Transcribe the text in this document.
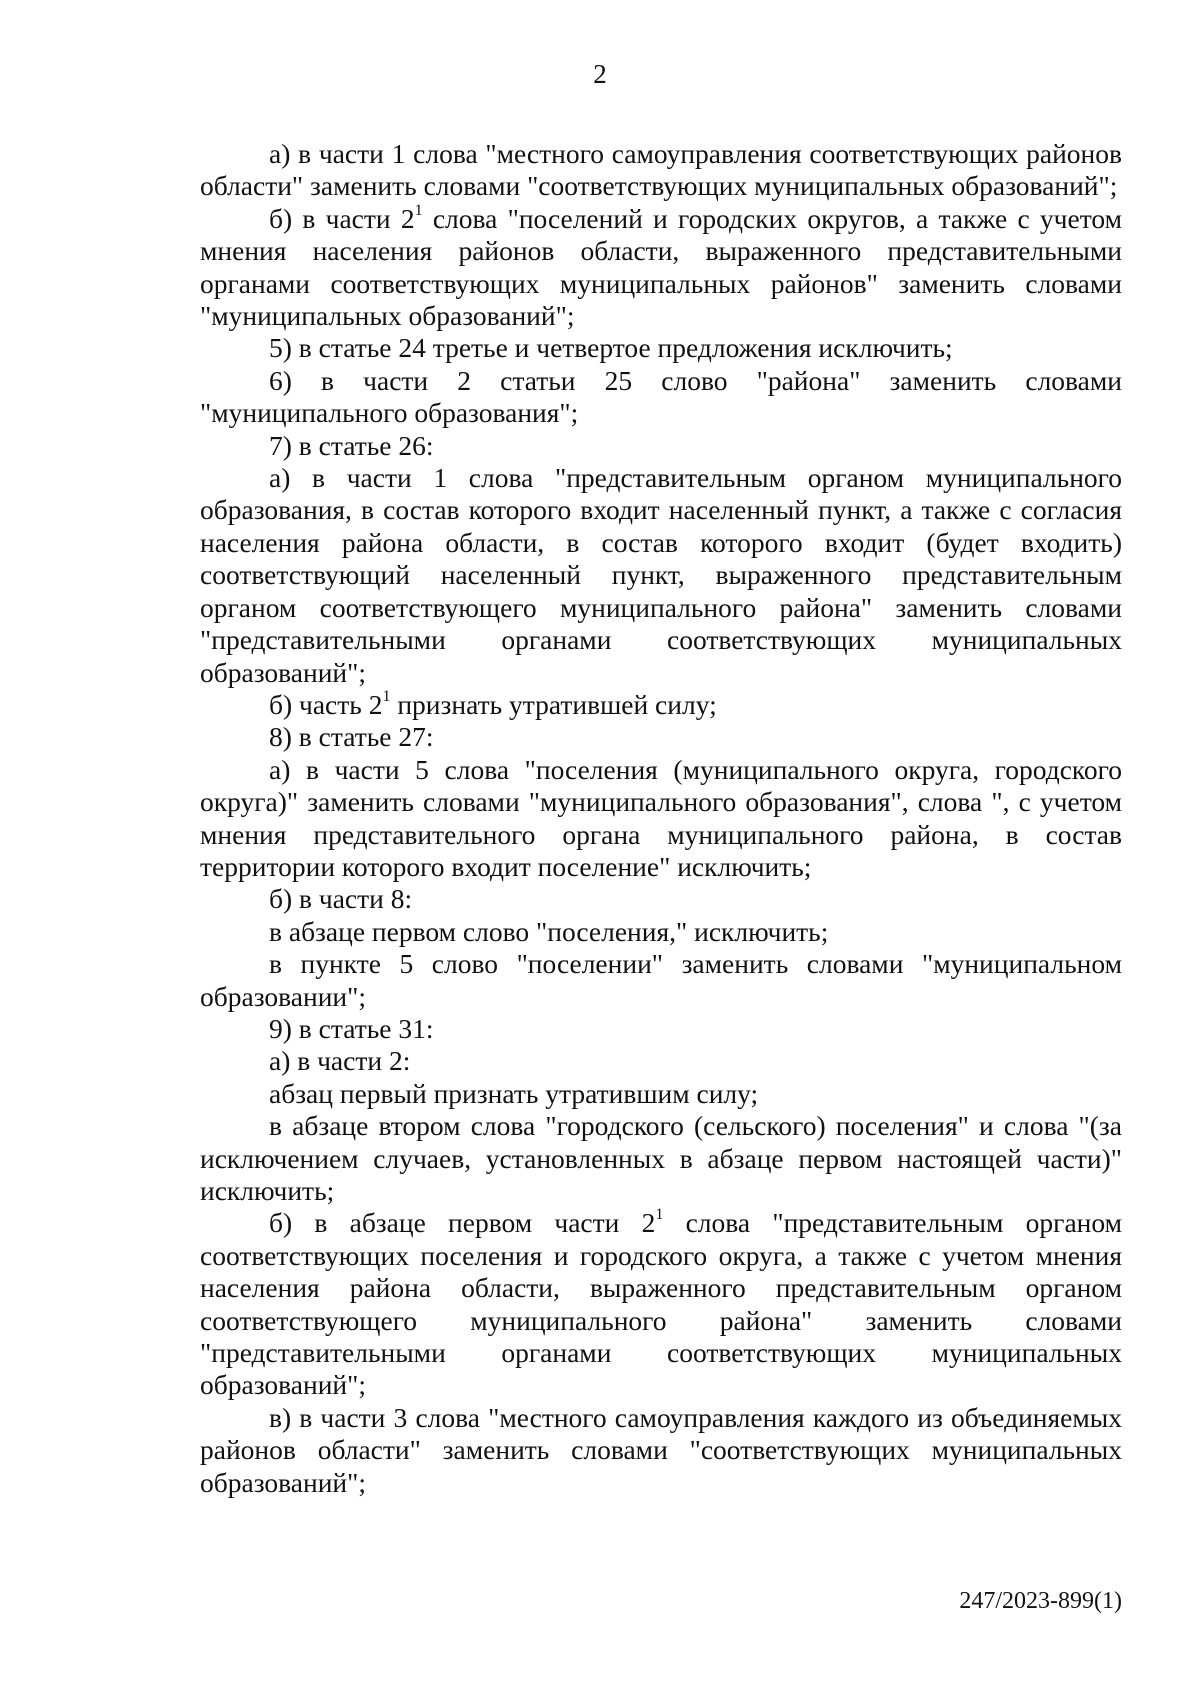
2

а) в части 1 слова "местного самоуправления соответствующих районов области" заменить словами "соответствующих муниципальных образований";

б) в части $2^1$ слова "поселений и городских округов, а также с учетом мнения населения районов области, выраженного представительными органами соответствующих муниципальных районов" заменить словами "муниципальных образований";

5) в статье 24 третье и четвертое предложения исключить;

6) в части 2 статьи 25 слово "района" заменить словами "муниципального образования";

7) в статье 26:

а) в части 1 слова "представительным органом муниципального образования, в состав которого входит населенный пункт, а также с согласия населения района области, в состав которого входит (будет входить) соответствующий населенный пункт, выраженного представительным органом соответствующего муниципального района" заменить словами "представительными органами соответствующих муниципальных образований";

б) часть $2^1$ признать утратившей силу;

8) в статье 27:

а) в части 5 слова "поселения (муниципального округа, городского округа)" заменить словами "муниципального образования", слова ", с учетом мнения представительного органа муниципального района, в состав территории которого входит поселение" исключить;

б) в части 8:

в абзаце первом слово "поселения," исключить;

в пункте 5 слово "поселении" заменить словами "муниципальном образовании";

9) в статье 31:

а) в части 2:

абзац первый признать утратившим силу;

в абзаце втором слова "городского (сельского) поселения" и слова "(за исключением случаев, установленных в абзаце первом настоящей части)" исключить;

б) в абзаце первом части $2^1$ слова "представительным органом соответствующих поселения и городского округа, а также с учетом мнения населения района области, выраженного представительным органом соответствующего муниципального района" заменить словами "представительными органами соответствующих муниципальных образований";

в) в части 3 слова "местного самоуправления каждого из объединяемых районов области" заменить словами "соответствующих муниципальных образований";

247/2023-899(1)
